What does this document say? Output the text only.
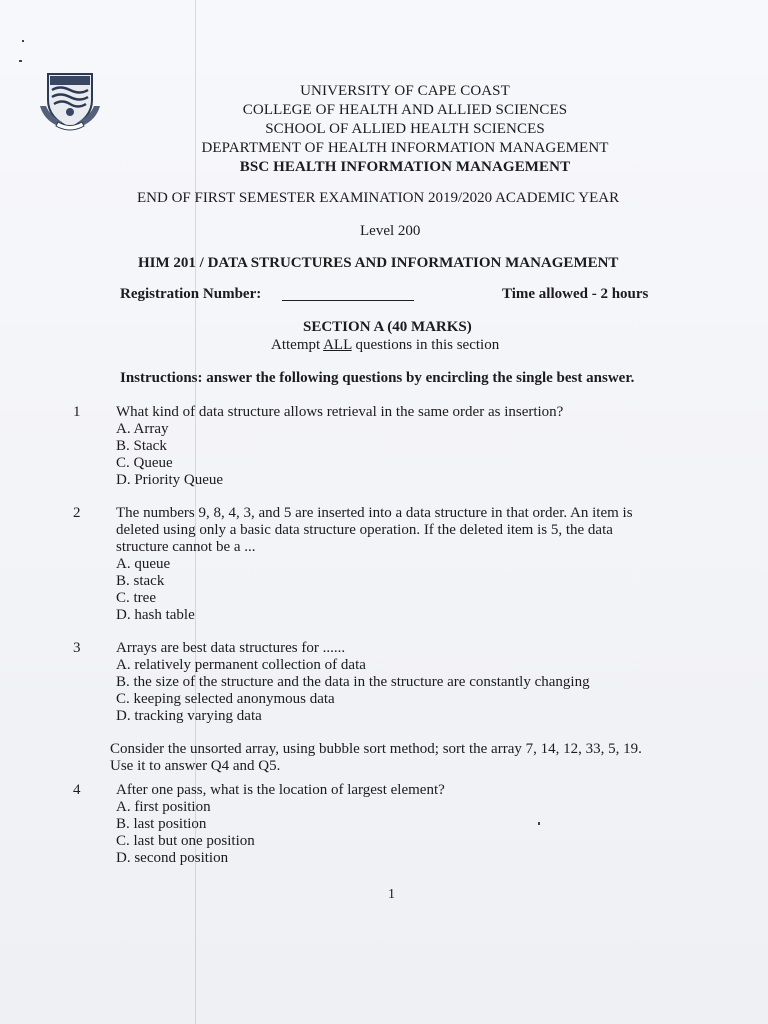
UNIVERSITY OF CAPE COAST
COLLEGE OF HEALTH AND ALLIED SCIENCES
SCHOOL OF ALLIED HEALTH SCIENCES
DEPARTMENT OF HEALTH INFORMATION MANAGEMENT
BSC HEALTH INFORMATION MANAGEMENT
END OF FIRST SEMESTER EXAMINATION 2019/2020 ACADEMIC YEAR
Level 200
HIM 201 / DATA STRUCTURES AND INFORMATION MANAGEMENT
Registration Number:	Time allowed - 2 hours
SECTION A (40 MARKS)
Attempt ALL questions in this section
Instructions: answer the following questions by encircling the single best answer.
1 What kind of data structure allows retrieval in the same order as insertion?
A. Array
B. Stack
C. Queue
D. Priority Queue
2 The numbers 9, 8, 4, 3, and 5 are inserted into a data structure in that order. An item is
deleted using only a basic data structure operation. If the deleted item is 5, the data
structure cannot be a ...
A. queue
B. stack
C. tree
D. hash table
3 Arrays are best data structures for ......
A. relatively permanent collection of data
B. the size of the structure and the data in the structure are constantly changing
C. keeping selected anonymous data
D. tracking varying data
Consider the unsorted array, using bubble sort method; sort the array 7, 14, 12, 33, 5, 19.
Use it to answer Q4 and Q5.
4 After one pass, what is the location of largest element?
A. first position
B. last position
C. last but one position
D. second position
1
